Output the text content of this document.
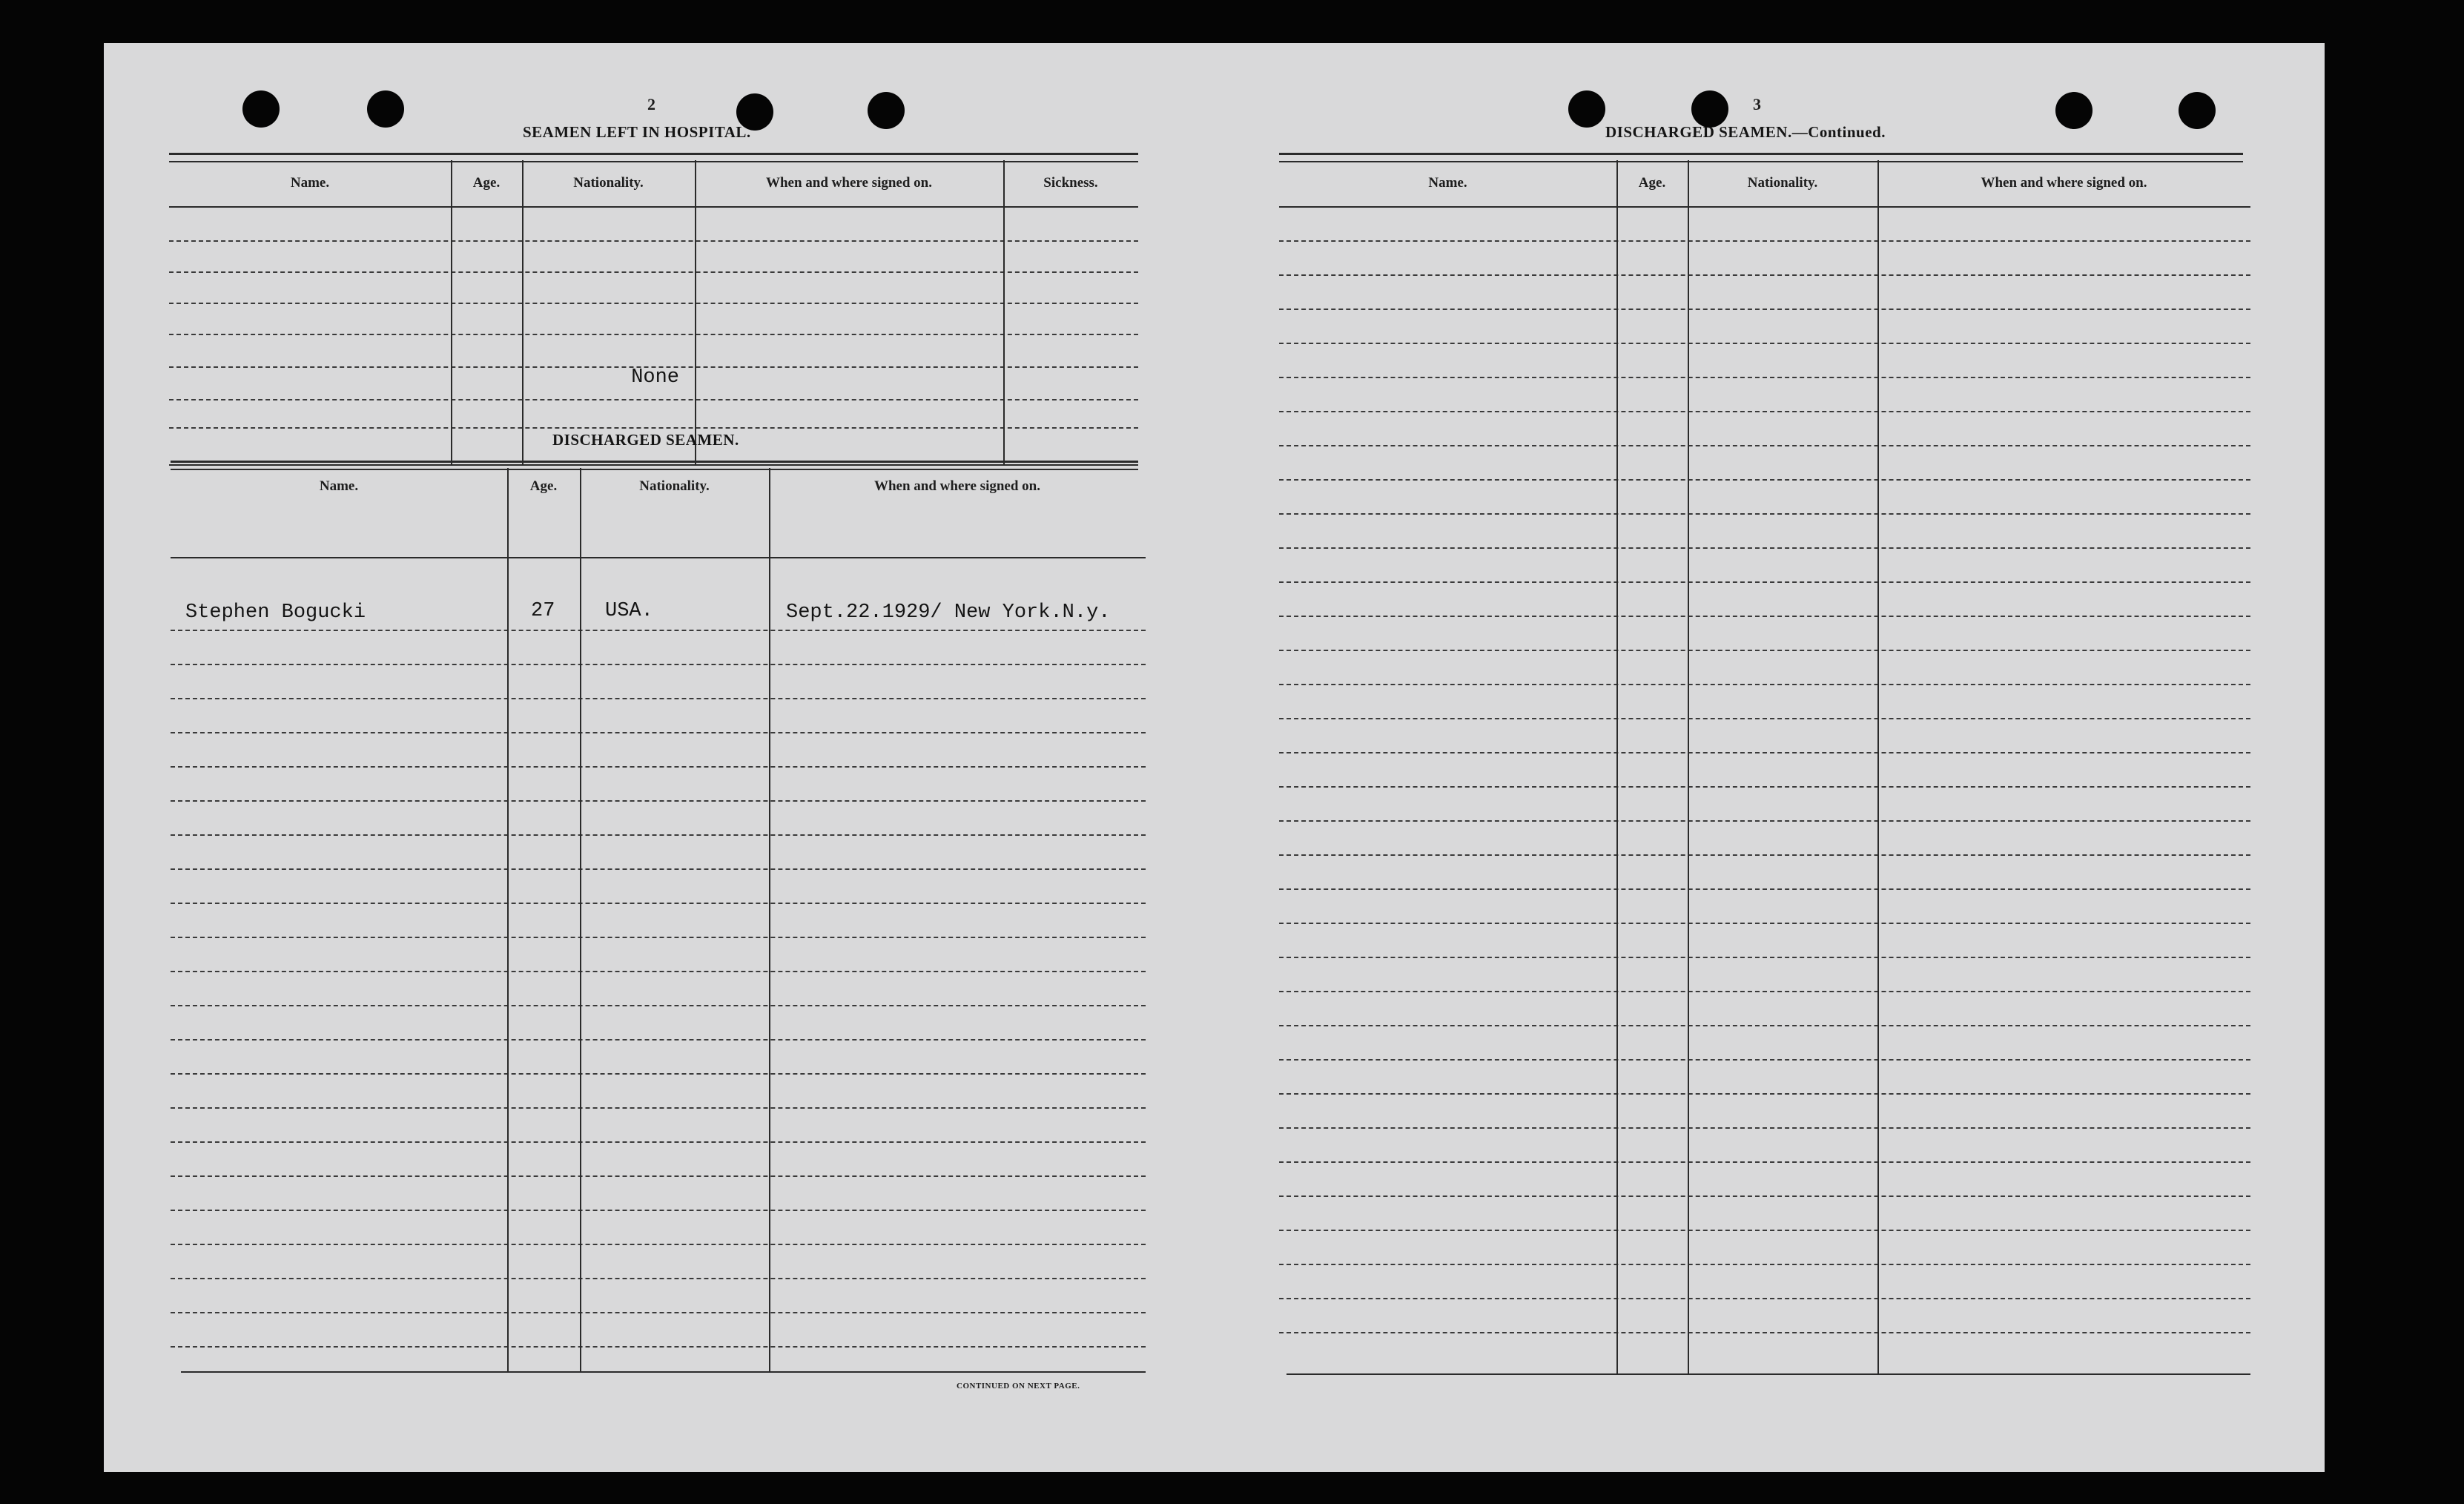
2
SEAMEN LEFT IN HOSPITAL.
Name.	Age.	Nationality.	When and where signed on.	Sickness.
None
DISCHARGED SEAMEN.
Name.	Age.	Nationality.	When and where signed on.
Stephen Bogucki	27	USA.	Sept.22.1929/ New York.N.y.
CONTINUED ON NEXT PAGE.
3
DISCHARGED SEAMEN.—Continued.
Name.	Age.	Nationality.	When and where signed on.
